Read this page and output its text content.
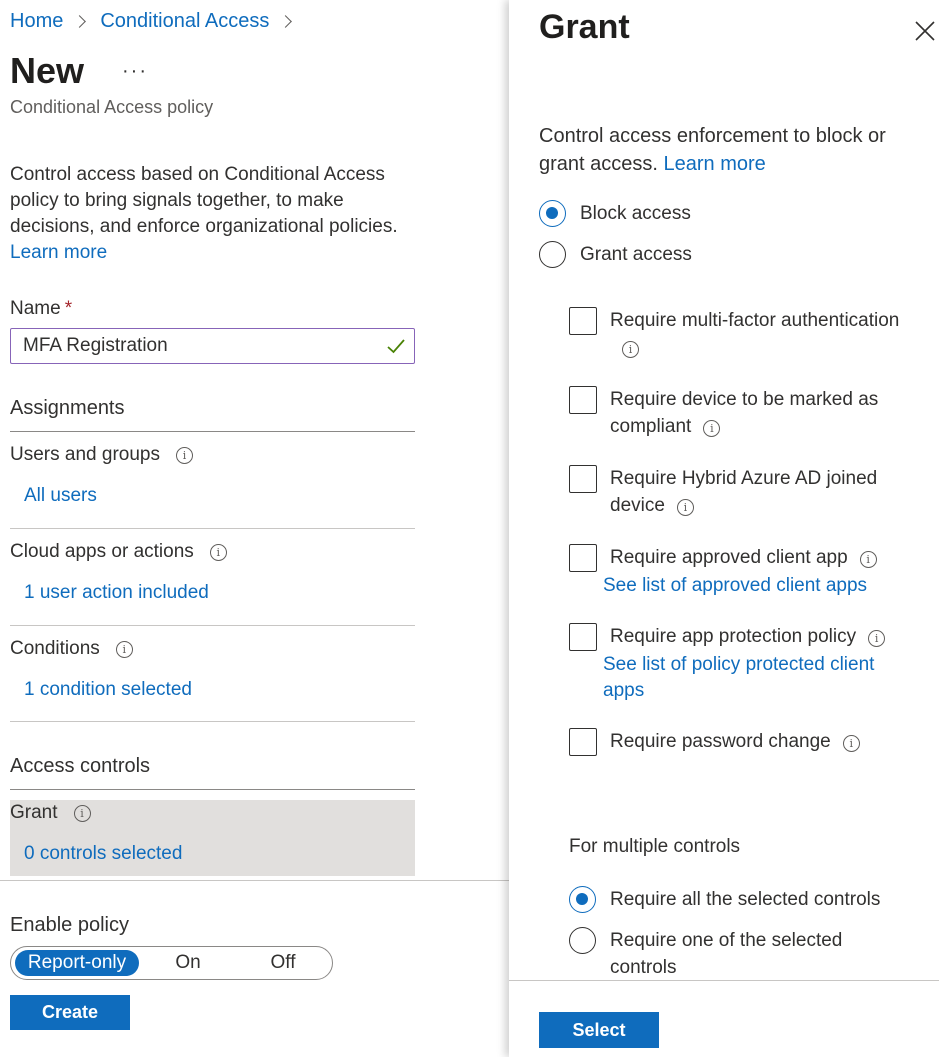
Home Conditional Access
New ···
Conditional Access policy
Control access based on Conditional Access policy to bring signals together, to make decisions, and enforce organizational policies.
Learn more
Name *
MFA Registration
Assignments
Users and groups	i
All users
Cloud apps or actions	i
1 user action included
Conditions	i
1 condition selected
Access controls
Grant	i
0 controls selected
Enable policy
Report-only	On	Off
Create
Grant
Control access enforcement to block or grant access. Learn more
Block access
Grant access
Require multi-factor authenticationi
Require device to be marked as compliant i
Require Hybrid Azure AD joined device i
Require approved client app i
See list of approved client apps
Require app protection policy i
See list of policy protected client apps
Require password change i
For multiple controls
Require all the selected controls
Require one of the selected controls
Select
